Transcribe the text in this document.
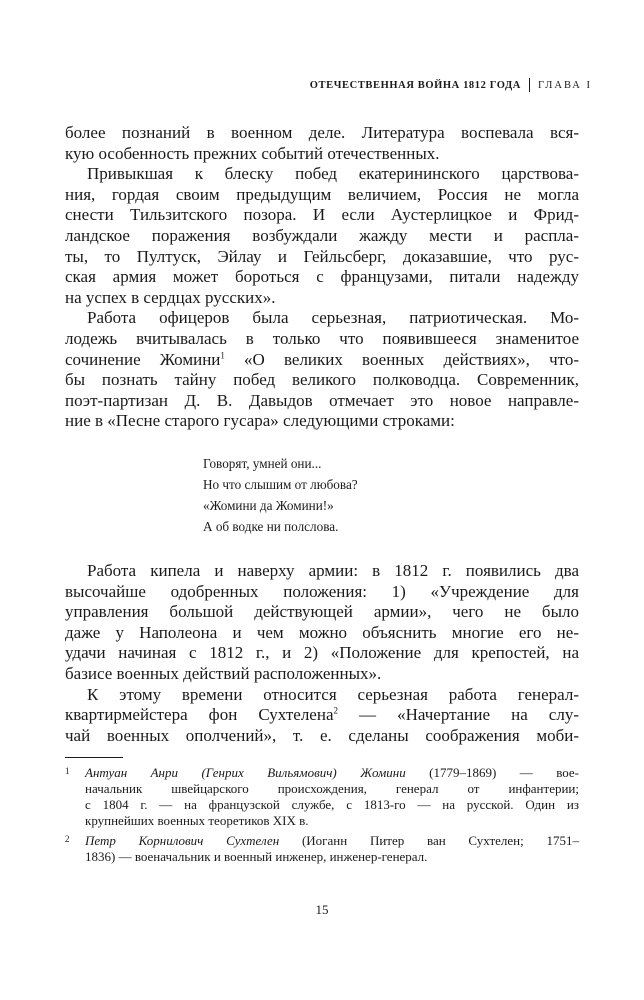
ОТЕЧЕСТВЕННАЯ ВОЙНА 1812 ГОДА ГЛАВА I
более познаний в военном деле. Литература воспевала вся-
кую особенность прежних событий отечественных.
Привыкшая к блеску побед екатерининского царствова-
ния, гордая своим предыдущим величием, Россия не могла
снести Тильзитского позора. И если Аустерлицкое и Фрид-
ландское поражения возбуждали жажду мести и распла-
ты, то Пултуск, Эйлау и Гейльсберг, доказавшие, что рус-
ская армия может бороться с французами, питали надежду
на успех в сердцах русских».
Работа офицеров была серьезная, патриотическая. Мо-
лодежь вчитывалась в только что появившееся знаменитое
сочинение Жомини$^1$ «О великих военных действиях», что-
бы познать тайну побед великого полководца. Современник,
поэт-партизан Д. В. Давыдов отмечает это новое направле-
ние в «Песне старого гусара» следующими строками:
Говорят, умней они...
Но что слышим от любова?
«Жомини да Жомини!»
А об водке ни полслова.
Работа кипела и наверху армии: в 1812 г. появились два
высочайше одобренных положения: 1) «Учреждение для
управления большой действующей армии», чего не было
даже у Наполеона и чем можно объяснить многие его не-
удачи начиная с 1812 г., и 2) «Положение для крепостей, на
базисе военных действий расположенных».
К этому времени относится серьезная работа генерал-
квартирмейстера фон Сухтелена$^2$ — «Начертание на слу-
чай военных ополчений», т. е. сделаны соображения моби-
1	Антуан Анри (Генрих Вильямович) Жомини (1779–1869) — вое-
начальник швейцарского происхождения, генерал от инфантерии;
с 1804 г. — на французской службе, с 1813-го — на русской. Один из
крупнейших военных теоретиков XIX в.
2	Петр Корнилович Сухтелен (Иоганн Питер ван Сухтелен; 1751–
1836) — военачальник и военный инженер, инженер-генерал.
15
